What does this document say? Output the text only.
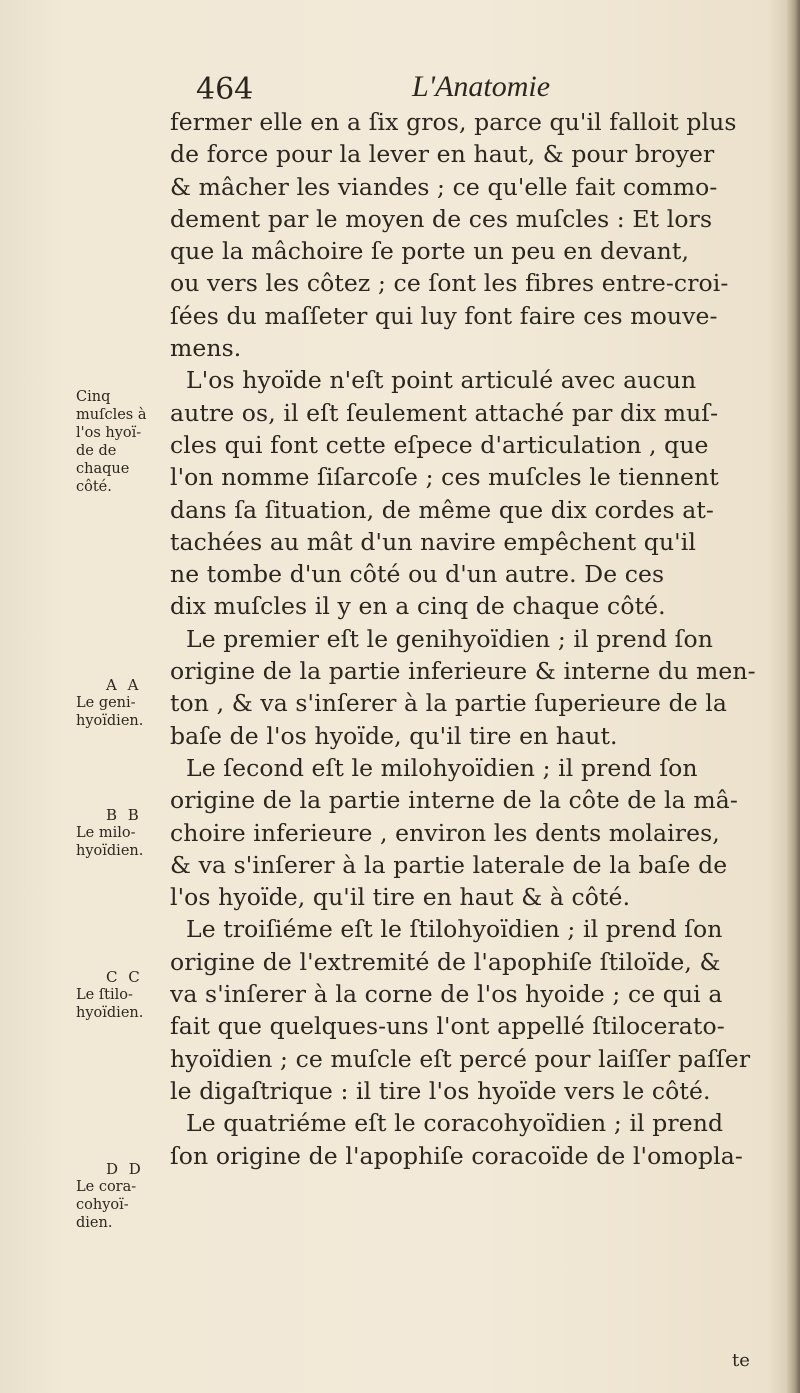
464	L'Anatomie
fermer elle en a ſix gros, parce qu'il falloit plus
de force pour la lever en haut, & pour broyer
& mâcher les viandes ; ce qu'elle fait commo-
dement par le moyen de ces muſcles : Et lors
que la mâchoire ſe porte un peu en devant,
ou vers les côtez ; ce ſont les fibres entre-croi-
ſées du maſſeter qui luy font faire ces mouve-
mens.
L'os hyoïde n'eſt point articulé avec aucun
autre os, il eſt ſeulement attaché par dix muſ-
cles qui font cette eſpece d'articulation , que
l'on nomme ſiſarcoſe ; ces muſcles le tiennent
dans ſa ſituation, de même que dix cordes at-
tachées au mât d'un navire empêchent qu'il
ne tombe d'un côté ou d'un autre. De ces
dix muſcles il y en a cinq de chaque côté.
Le premier eſt le genihyoïdien ; il prend ſon
origine de la partie inferieure & interne du men-
ton , & va s'inſerer à la partie ſuperieure de la
baſe de l'os hyoïde, qu'il tire en haut.
Le ſecond eſt le milohyoïdien ; il prend ſon
origine de la partie interne de la côte de la mâ-
choire inferieure , environ les dents molaires,
& va s'inſerer à la partie laterale de la baſe de
l'os hyoïde, qu'il tire en haut & à côté.
Le troiſiéme eſt le ſtilohyoïdien ; il prend ſon
origine de l'extremité de l'apophiſe ſtiloïde, &
va s'inſerer à la corne de l'os hyoide ; ce qui a
fait que quelques-uns l'ont appellé ſtilocerato-
hyoïdien ; ce muſcle eſt percé pour laiſſer paſſer
le digaſtrique : il tire l'os hyoïde vers le côté.
Le quatriéme eſt le coracohyoïdien ; il prend
ſon origine de l'apophiſe coracoïde de l'omopla-
Cinq
muſcles à
l'os hyoï-
de de
chaque
côté.
A A
Le geni-
hyoïdien.
B B
Le milo-
hyoïdien.
C C
Le ſtilo-
hyoïdien.
D D
Le cora-
cohyoï-
dien.
te
